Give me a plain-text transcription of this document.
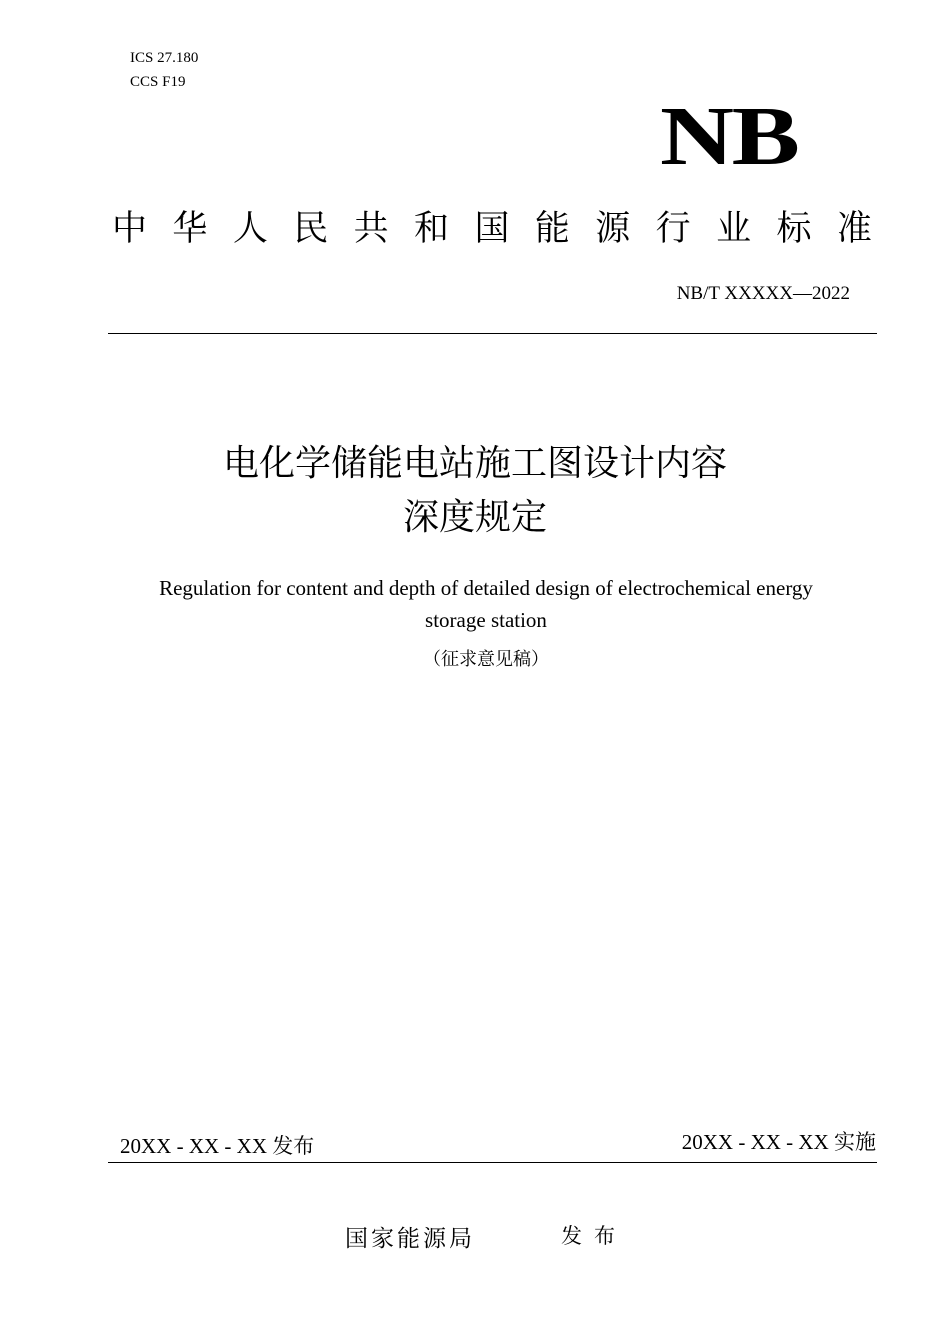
ICS 27.180
CCS F19
NB
中 华 人 民 共 和 国 能 源 行 业 标 准
NB/T XXXXX—2022
电化学储能电站施工图设计内容
深度规定
Regulation for content and depth of detailed design of electrochemical energy
storage station
（征求意见稿）
20XX - XX - XX 发布	20XX - XX - XX 实施
国家能源局	发布
